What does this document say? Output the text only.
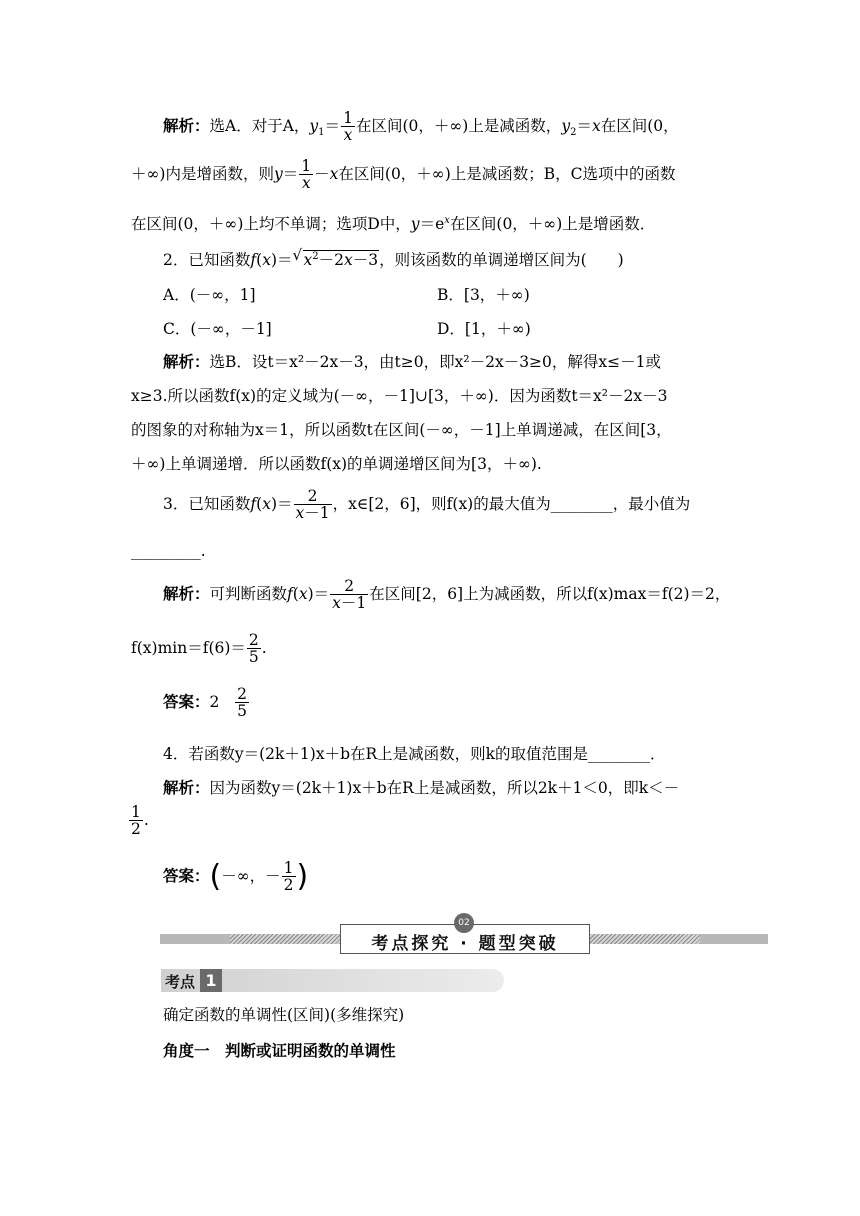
解析：选A．对于A，$y_1= \frac{1}{x}$ 在区间(0，＋∞)上是减函数，$y_2=x$在区间(0，
＋∞)内是增函数，则$y= \frac{1}{x} -x$在区间(0，＋∞)上是减函数；B，C选项中的函数
在区间(0，＋∞)上均不单调；选项D中，$y=e^x$在区间(0，＋∞)上是增函数．
2．已知函数f(x)＝ √ $x^2-2x-3$，则该函数的单调递增区间为(　　)
A．(－∞，1]	B．[3，＋∞)
C．(－∞，－1]	D．[1，＋∞)
解析：选B．设t＝x²－2x－3，由t≥0，即x²－2x－3≥0，解得x≤－1或
x≥3.所以函数f(x)的定义域为(－∞，－1]∪[3，＋∞)．因为函数t＝x²－2x－3
的图象的对称轴为x＝1，所以函数t在区间(－∞，－1]上单调递减，在区间[3，
＋∞)上单调递增．所以函数f(x)的单调递增区间为[3，＋∞).
3．已知函数$f(x)= \frac{2}{x-1}$ ，x∈[2，6]，则f(x)的最大值为________，最小值为
_________.
解析：可判断函数$f(x)= \frac{2}{x-1}$ 在区间[2，6]上为减函数，所以f(x)max＝f(2)＝2，
$f(x)\min=f(6)= \frac{2}{5}$ .
答案：$2 \frac{2}{5}$
4．若函数y＝(2k＋1)x＋b在R上是减函数，则k的取值范围是________．
解析：因为函数y＝(2k＋1)x＋b在R上是减函数，所以2k＋1＜0，即k＜－
$\frac{1}{2}$ .
答案：(－∞，－ $\frac{1}{2}$ )
考点探究 · 题型突破
02
考点 1
确定函数的单调性(区间)(多维探究)
角度一　判断或证明函数的单调性
